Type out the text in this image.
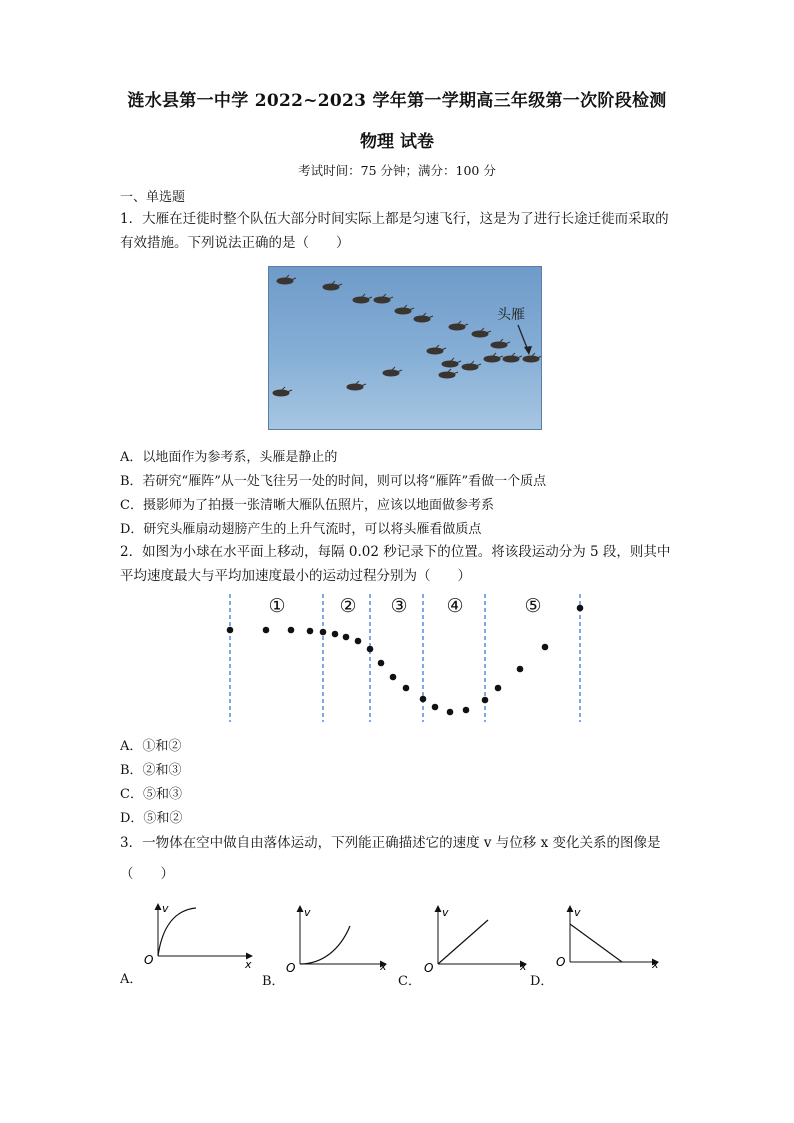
涟水县第一中学 2022~2023 学年第一学期高三年级第一次阶段检测
物理 试卷
考试时间：75 分钟；满分：100 分
一、单选题
1．大雁在迁徙时整个队伍大部分时间实际上都是匀速飞行，这是为了进行长途迁徙而采取的
有效措施。下列说法正确的是（　　）
头雁
A．以地面作为参考系，头雁是静止的
B．若研究“雁阵”从一处飞往另一处的时间，则可以将“雁阵”看做一个质点
C．摄影师为了拍摄一张清晰大雁队伍照片，应该以地面做参考系
D．研究头雁扇动翅膀产生的上升气流时，可以将头雁看做质点
2．如图为小球在水平面上移动，每隔 0.02 秒记录下的位置。将该段运动分为 5 段，则其中
平均速度最大与平均加速度最小的运动过程分别为（　　）
①	② ③ ④	⑤
A．①和②
B．②和③
C．⑤和③
D．⑤和②
3．一物体在空中做自由落体运动，下列能正确描述它的速度 v 与位移 x 变化关系的图像是
（　　）
A．
O
v
x
B．
O
v
x
C．
O
v
x
D．
O
v
x
